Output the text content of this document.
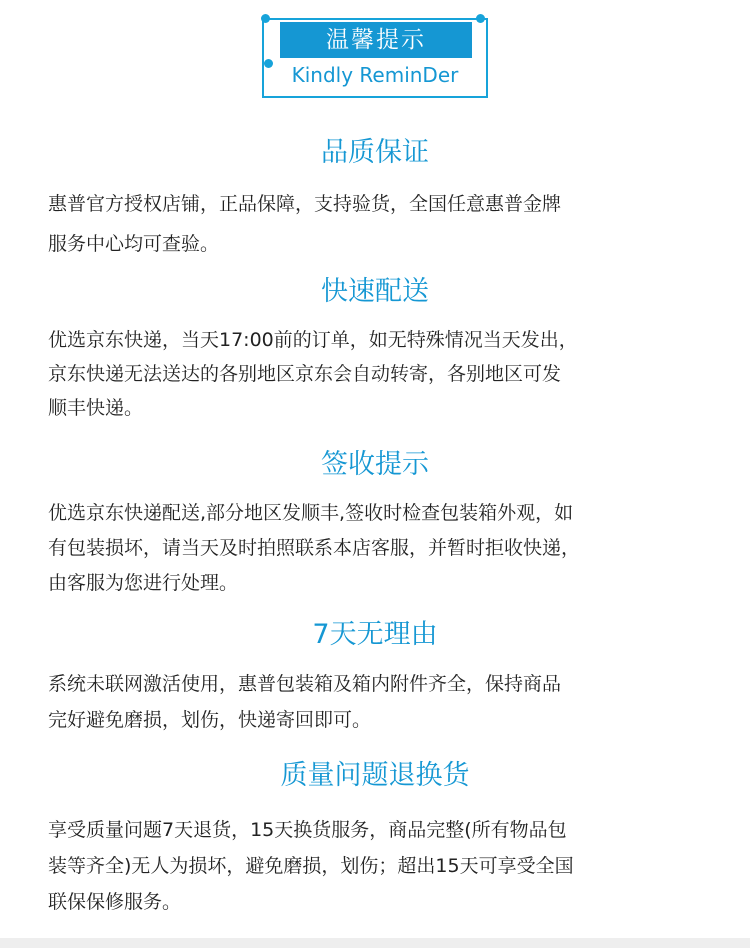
温馨提示
Kindly ReminDer
品质保证

惠普官方授权店铺，正品保障，支持验货，全国任意惠普金牌
服务中心均可查验。

快速配送

优选京东快递，当天17:00前的订单，如无特殊情况当天发出，
京东快递无法送达的各别地区京东会自动转寄，各别地区可发
顺丰快递。

签收提示

优选京东快递配送,部分地区发顺丰,签收时检查包装箱外观，如
有包装损坏，请当天及时拍照联系本店客服，并暂时拒收快递，
由客服为您进行处理。

7天无理由

系统未联网激活使用，惠普包装箱及箱内附件齐全，保持商品
完好避免磨损，划伤，快递寄回即可。

质量问题退换货

享受质量问题7天退货，15天换货服务，商品完整(所有物品包
装等齐全)无人为损坏，避免磨损，划伤；超出15天可享受全国
联保保修服务。
